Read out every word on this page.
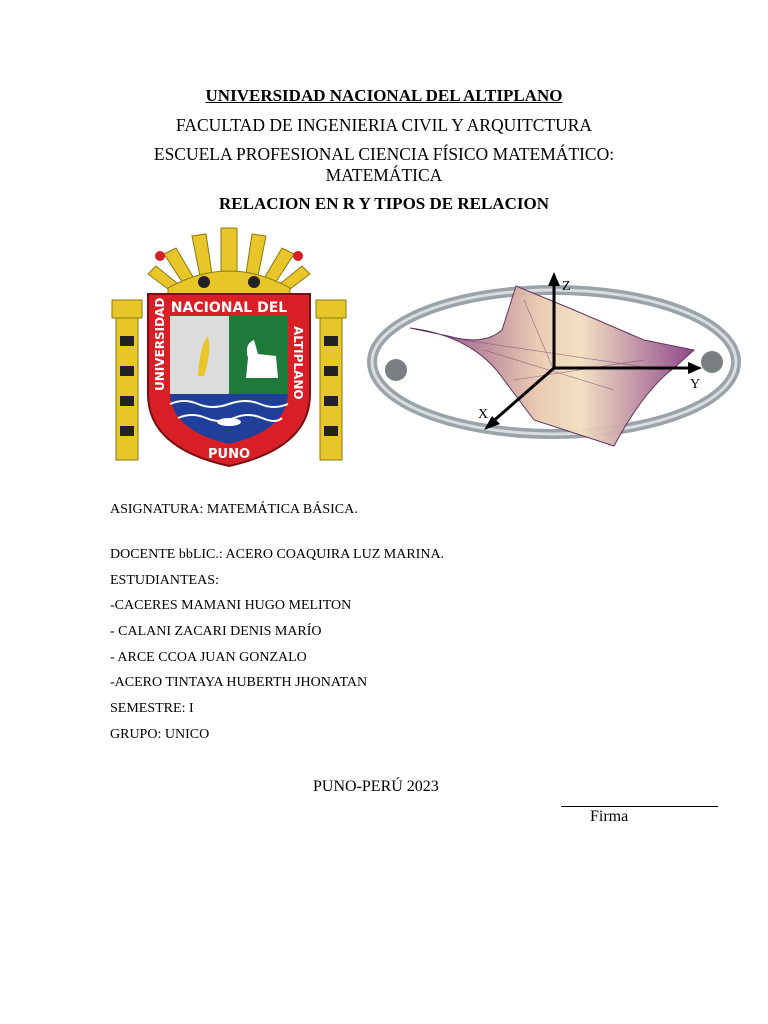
UNIVERSIDAD NACIONAL DEL ALTIPLANO
FACULTAD DE INGENIERIA CIVIL Y ARQUITCTURA
ESCUELA PROFESIONAL CIENCIA FÍSICO MATEMÁTICO:
MATEMÁTICA
RELACION EN R Y TIPOS DE RELACION
NACIONAL DEL
UNIVERSIDAD	ALTIPLANO
PUNO
Z
Y
X
ASIGNATURA: MATEMÁTICA BÁSICA.
DOCENTE bbLIC.: ACERO COAQUIRA LUZ MARINA.
ESTUDIANTEAS:
-CACERES MAMANI HUGO MELITON
- CALANI ZACARI DENIS MARÍO
- ARCE CCOA JUAN GONZALO
-ACERO TINTAYA HUBERTH JHONATAN
SEMESTRE: I
GRUPO: UNICO
PUNO-PERÚ 2023
Firma
